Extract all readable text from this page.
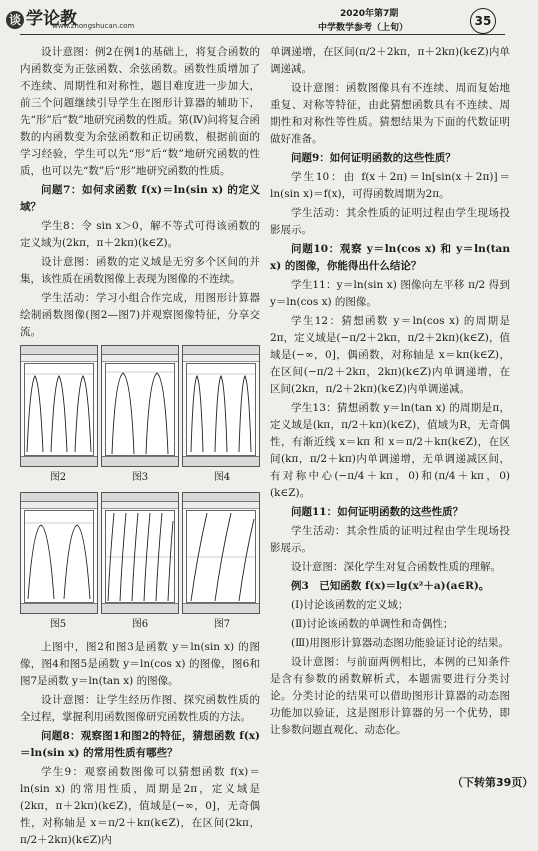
谈 学论教
www.zhongshucan.com
2020年第7期
中学数学参考（上旬）	35

设计意图：例2在例1的基础上，将复合函数的内函数变为正弦函数、余弦函数。函数性质增加了不连续、周期性和对称性，题目难度进一步加大，前三个问题继续引导学生在图形计算器的辅助下，先“形”后“数”地研究函数的性质。第(Ⅳ)问将复合函数的内函数变为余弦函数和正切函数，根据前面的学习经验，学生可以先“形”后“数”地研究函数的性质，也可以先“数”后“形”地研究函数的性质。

问题7：如何求函数 f(x)＝ln(sin x) 的定义域？

学生8：令 sin x＞0，解不等式可得该函数的定义域为(2kπ，π＋2kπ)(k∈Z)。

设计意图：函数的定义域是无穷多个区间的并集，该性质在函数图像上表现为图像的不连续。

学生活动：学习小组合作完成，用图形计算器绘制函数图像(图2—图7)并观察图像特征，分享交流。

图2	图3	图4
图5	图6	图7

上图中，图2和图3是函数 y＝ln(sin x) 的图像，图4和图5是函数 y＝ln(cos x) 的图像，图6和图7是函数 y＝ln(tan x) 的图像。

设计意图：让学生经历作图、探究函数性质的全过程，掌握利用函数图像研究函数性质的方法。

问题8：观察图1和图2的特征，猜想函数 f(x)＝ln(sin x) 的常用性质有哪些？

学生9：观察函数图像可以猜想函数 f(x)＝ln(sin x) 的常用性质，周期是2π，定义域是(2kπ，π＋2kπ)(k∈Z)，值域是(−∞，0]，无奇偶性，对称轴是 x＝π/2＋kπ(k∈Z)，在区间(2kπ，π/2＋2kπ)(k∈Z)内

单调递增，在区间(π/2＋2kπ，π＋2kπ)(k∈Z)内单调递减。

设计意图：函数图像具有不连续、周而复始地重复、对称等特征，由此猜想函数具有不连续、周期性和对称性等性质。猜想结果为下面的代数证明做好准备。

问题9：如何证明函数的这些性质？

学生10：由 f(x＋2π)＝ln[sin(x＋2π)]＝ln(sin x)＝f(x)，可得函数周期为2π。

学生活动：其余性质的证明过程由学生现场投影展示。

问题10：观察 y＝ln(cos x) 和 y＝ln(tan x) 的图像，你能得出什么结论？

学生11：y＝ln(sin x) 图像向左平移 π/2 得到 y＝ln(cos x) 的图像。

学生12：猜想函数 y＝ln(cos x) 的周期是2π，定义域是(−π/2＋2kπ，π/2＋2kπ)(k∈Z)，值域是(−∞，0]，偶函数，对称轴是 x＝kπ(k∈Z)，在区间(−π/2＋2kπ，2kπ)(k∈Z)内单调递增，在区间(2kπ，π/2＋2kπ)(k∈Z)内单调递减。

学生13：猜想函数 y＝ln(tan x) 的周期是π，定义域是(kπ，π/2＋kπ)(k∈Z)，值域为R，无奇偶性，有渐近线 x＝kπ 和 x＝π/2＋kπ(k∈Z)，在区间(kπ，π/2＋kπ)内单调递增，无单调递减区间，有对称中心(−π/4＋kπ，0)和(π/4＋kπ，0)(k∈Z)。

问题11：如何证明函数的这些性质？

学生活动：其余性质的证明过程由学生现场投影展示。

设计意图：深化学生对复合函数性质的理解。

例3　已知函数 f(x)＝lg(x²＋a)(a∈R)。

(Ⅰ)讨论该函数的定义域；

(Ⅱ)讨论该函数的单调性和奇偶性；

(Ⅲ)用图形计算器动态图功能验证讨论的结果。

设计意图：与前面两例相比，本例的已知条件是含有参数的函数解析式，本题需要进行分类讨论。分类讨论的结果可以借助图形计算器的动态图功能加以验证，这是图形计算器的另一个优势，即让参数问题直观化、动态化。

（下转第39页）
